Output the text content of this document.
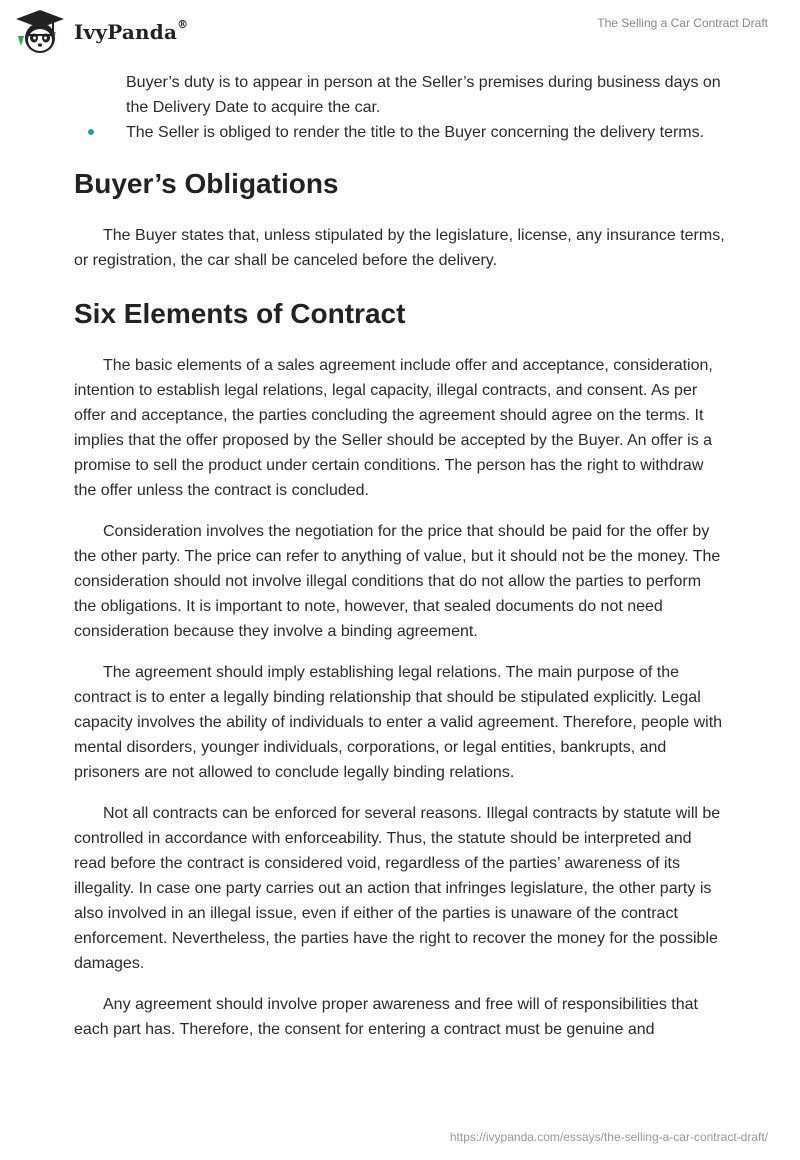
IvyPanda®	The Selling a Car Contract Draft
Buyer’s duty is to appear in person at the Seller’s premises during business days on the Delivery Date to acquire the car.
The Seller is obliged to render the title to the Buyer concerning the delivery terms.
Buyer’s Obligations

The Buyer states that, unless stipulated by the legislature, license, any insurance terms, or registration, the car shall be canceled before the delivery.

Six Elements of Contract

The basic elements of a sales agreement include offer and acceptance, consideration, intention to establish legal relations, legal capacity, illegal contracts, and consent. As per offer and acceptance, the parties concluding the agreement should agree on the terms. It implies that the offer proposed by the Seller should be accepted by the Buyer. An offer is a promise to sell the product under certain conditions. The person has the right to withdraw the offer unless the contract is concluded.

Consideration involves the negotiation for the price that should be paid for the offer by the other party. The price can refer to anything of value, but it should not be the money. The consideration should not involve illegal conditions that do not allow the parties to perform the obligations. It is important to note, however, that sealed documents do not need consideration because they involve a binding agreement.

The agreement should imply establishing legal relations. The main purpose of the contract is to enter a legally binding relationship that should be stipulated explicitly. Legal capacity involves the ability of individuals to enter a valid agreement. Therefore, people with mental disorders, younger individuals, corporations, or legal entities, bankrupts, and prisoners are not allowed to conclude legally binding relations.

Not all contracts can be enforced for several reasons. Illegal contracts by statute will be controlled in accordance with enforceability. Thus, the statute should be interpreted and read before the contract is considered void, regardless of the parties’ awareness of its illegality. In case one party carries out an action that infringes legislature, the other party is also involved in an illegal issue, even if either of the parties is unaware of the contract enforcement. Nevertheless, the parties have the right to recover the money for the possible damages.

Any agreement should involve proper awareness and free will of responsibilities that each part has. Therefore, the consent for entering a contract must be genuine and

https://ivypanda.com/essays/the-selling-a-car-contract-draft/
